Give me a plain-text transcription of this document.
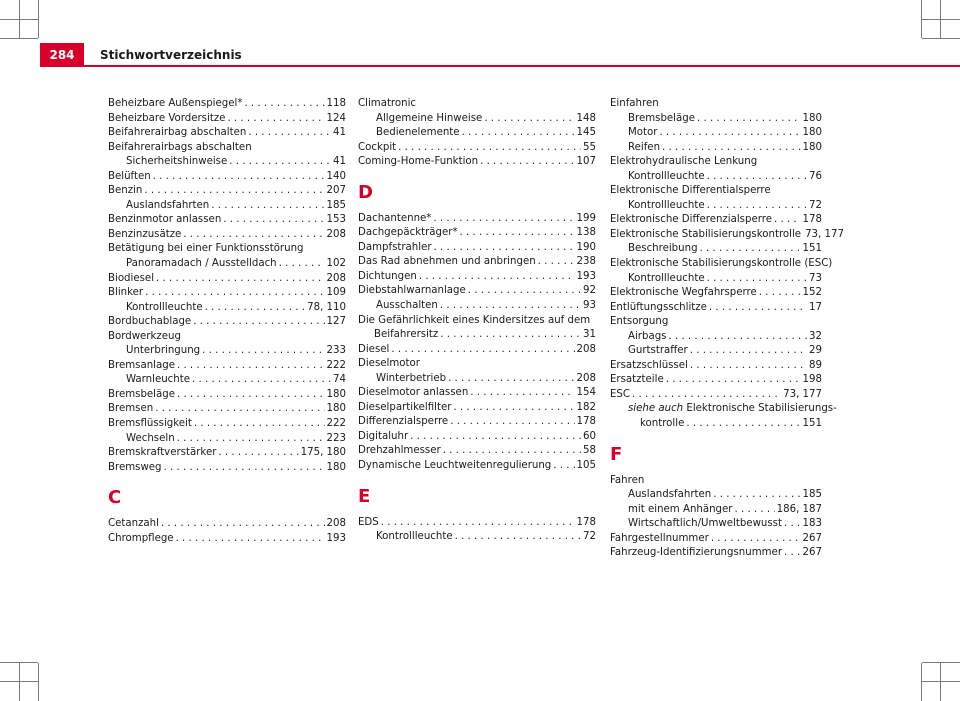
284	Stichwortverzeichnis
Beheizbare Außenspiegel* . . .	118
Beheizbare Vordersitze . . .	124
Beifahrerairbag abschalten . . .	41
Beifahrerairbags abschalten
Sicherheitshinweise . . .	41
Belüften . . .	140
Benzin . . .	207
Auslandsfahrten . . .	185
Benzinmotor anlassen . . .	153
Benzinzusätze . . .	208
Betätigung bei einer Funktionsstörung
Panoramadach / Ausstelldach . . .	102
Biodiesel . . .	208
Blinker . . .	109
Kontrollleuchte . . .	78, 110
Bordbuchablage . . .	127
Bordwerkzeug
Unterbringung . . .	233
Bremsanlage . . .	222
Warnleuchte . . .	74
Bremsbeläge . . .	180
Bremsen . . .	180
Bremsflüssigkeit . . .	222
Wechseln . . .	223
Bremskraftverstärker . . .	175, 180
Bremsweg . . .	180
C
Cetanzahl . . .	208
Chrompflege . . .	193
Climatronic
Allgemeine Hinweise . . .	148
Bedienelemente . . .	145
Cockpit . . .	55
Coming-Home-Funktion . . .	107
D
Dachantenne* . . .	199
Dachgepäckträger* . . .	138
Dampfstrahler . . .	190
Das Rad abnehmen und anbringen . . .	238
Dichtungen . . .	193
Diebstahlwarnanlage . . .	92
Ausschalten . . .	93
Die Gefährlichkeit eines Kindersitzes auf dem
Beifahrersitz . . .	31
Diesel . . .	208
Dieselmotor
Winterbetrieb . . .	208
Dieselmotor anlassen . . .	154
Dieselpartikelfilter . . .	182
Differenzialsperre . . .	178
Digitaluhr . . .	60
Drehzahlmesser . . .	58
Dynamische Leuchtweitenregulierung . . . 105
E
EDS . . .	178
Kontrollleuchte . . .	72
Einfahren
Bremsbeläge . . .	180
Motor . . .	180
Reifen . . .	180
Elektrohydraulische Lenkung
Kontrollleuchte . . .	76
Elektronische Differentialsperre
Kontrollleuchte . . .	72
Elektronische Differenzialsperre . . .	178
Elektronische Stabilisierungskontrolle 73, 177
Beschreibung . . .	151
Elektronische Stabilisierungskontrolle (ESC)
Kontrollleuchte . . .	73
Elektronische Wegfahrsperre . . .	152
Entlüftungsschlitze . . .	17
Entsorgung
Airbags . . .	32
Gurtstraffer . . .	29
Ersatzschlüssel . . .	89
Ersatzteile . . .	198
ESC . . .	73, 177
siehe auch Elektronische Stabilisierungs-
kontrolle . . .	151
F
Fahren
Auslandsfahrten . . .	185
mit einem Anhänger . . .	186, 187
Wirtschaftlich/Umweltbewusst . . . 183
Fahrgestellnummer . . .	267
Fahrzeug-Identifizierungsnummer . . . 267
